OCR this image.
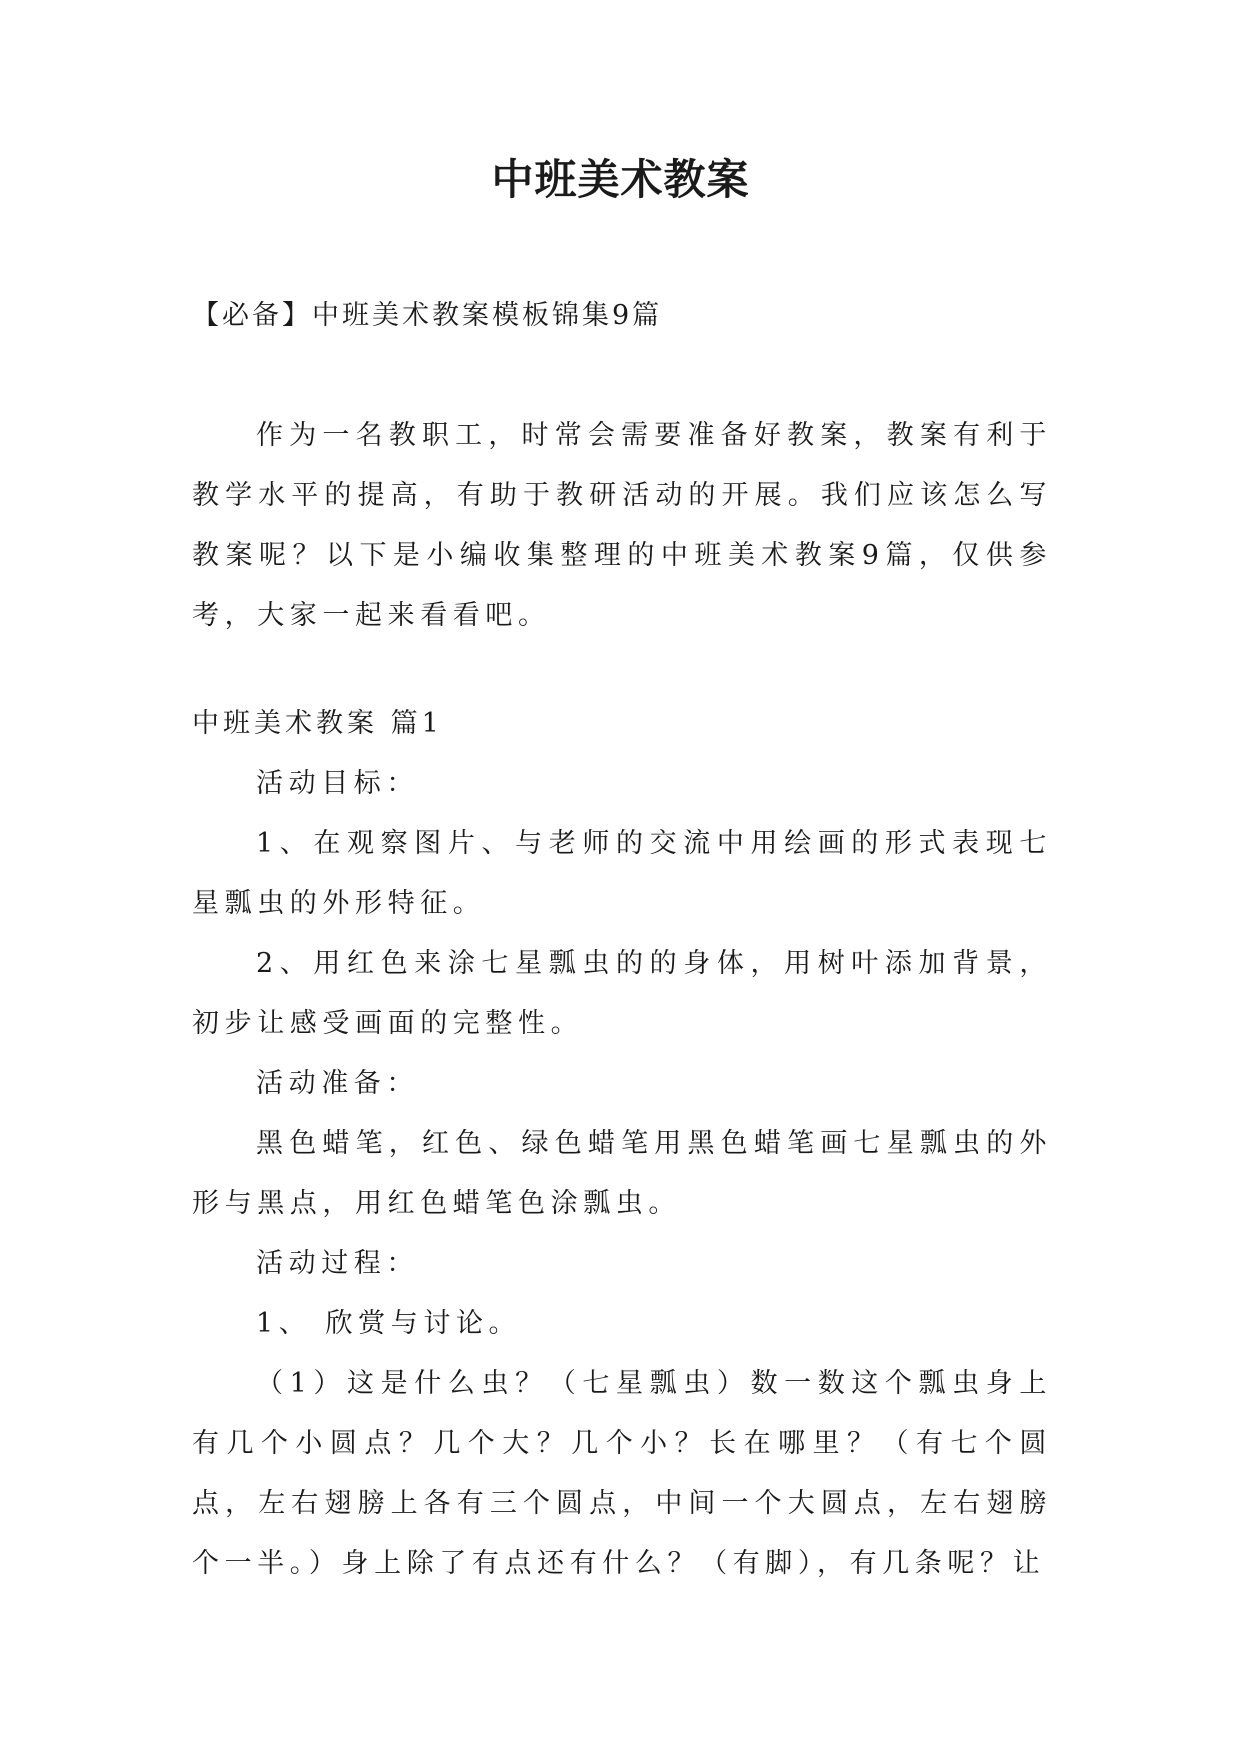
中班美术教案

【必备】中班美术教案模板锦集9篇

作为一名教职工，时常会需要准备好教案，教案有利于教学水平的提高，有助于教研活动的开展。我们应该怎么写教案呢？以下是小编收集整理的中班美术教案9篇，仅供参考，大家一起来看看吧。

中班美术教案 篇1

活动目标：

1、在观察图片、与老师的交流中用绘画的形式表现七星瓢虫的外形特征。

2、用红色来涂七星瓢虫的的身体，用树叶添加背景，初步让感受画面的完整性。

活动准备：

黑色蜡笔，红色、绿色蜡笔用黑色蜡笔画七星瓢虫的外形与黑点，用红色蜡笔色涂瓢虫。

活动过程：

1、 欣赏与讨论。

（1）这是什么虫？（七星瓢虫）数一数这个瓢虫身上有几个小圆点？几个大？几个小？长在哪里？（有七个圆点，左右翅膀上各有三个圆点，中间一个大圆点，左右翅膀个一半。）身上除了有点还有什么？（有脚），有几条呢？让
